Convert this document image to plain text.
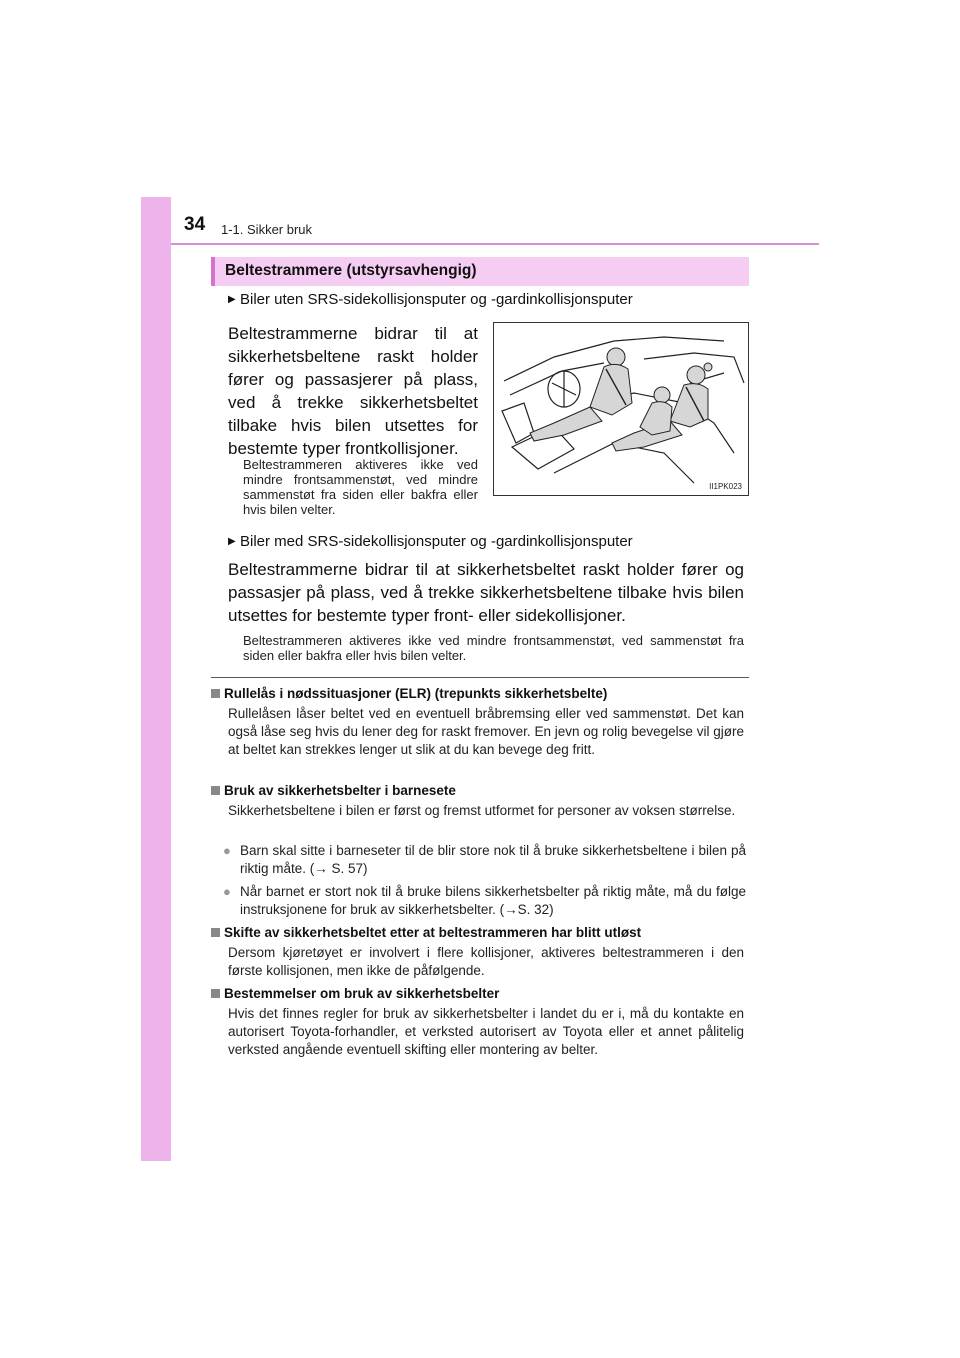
34 1-1. Sikker bruk
Beltestrammere (utstyrsavhengig)
▶ Biler uten SRS-sidekollisjonsputer og -gardinkollisjonsputer
Beltestrammerne bidrar til at sikkerhetsbeltene raskt holder fører og passasjerer på plass, ved å trekke sikkerhetsbeltet tilbake hvis bilen utsettes for bestemte typer frontkollisjoner.
Beltestrammeren aktiveres ikke ved mindre frontsammenstøt, ved mindre sammenstøt fra siden eller bakfra eller hvis bilen velter.
II1PK023
▶ Biler med SRS-sidekollisjonsputer og -gardinkollisjonsputer
Beltestrammerne bidrar til at sikkerhetsbeltet raskt holder fører og passasjer på plass, ved å trekke sikkerhetsbeltene tilbake hvis bilen utsettes for bestemte typer front- eller sidekollisjoner.
Beltestrammeren aktiveres ikke ved mindre frontsammenstøt, ved sammenstøt fra siden eller bakfra eller hvis bilen velter.
Rullelås i nødssituasjoner (ELR) (trepunkts sikkerhetsbelte)
Rullelåsen låser beltet ved en eventuell bråbremsing eller ved sammenstøt. Det kan også låse seg hvis du lener deg for raskt fremover. En jevn og rolig bevegelse vil gjøre at beltet kan strekkes lenger ut slik at du kan bevege deg fritt.
Bruk av sikkerhetsbelter i barnesete
Sikkerhetsbeltene i bilen er først og fremst utformet for personer av voksen størrelse.
● Barn skal sitte i barneseter til de blir store nok til å bruke sikkerhetsbeltene i bilen på riktig måte. (→ S. 57)
● Når barnet er stort nok til å bruke bilens sikkerhetsbelter på riktig måte, må du følge instruksjonene for bruk av sikkerhetsbelter. (→S. 32)
Skifte av sikkerhetsbeltet etter at beltestrammeren har blitt utløst
Dersom kjøretøyet er involvert i flere kollisjoner, aktiveres beltestrammeren i den første kollisjonen, men ikke de påfølgende.
Bestemmelser om bruk av sikkerhetsbelter
Hvis det finnes regler for bruk av sikkerhetsbelter i landet du er i, må du kontakte en autorisert Toyota-forhandler, et verksted autorisert av Toyota eller et annet pålitelig verksted angående eventuell skifting eller montering av belter.
